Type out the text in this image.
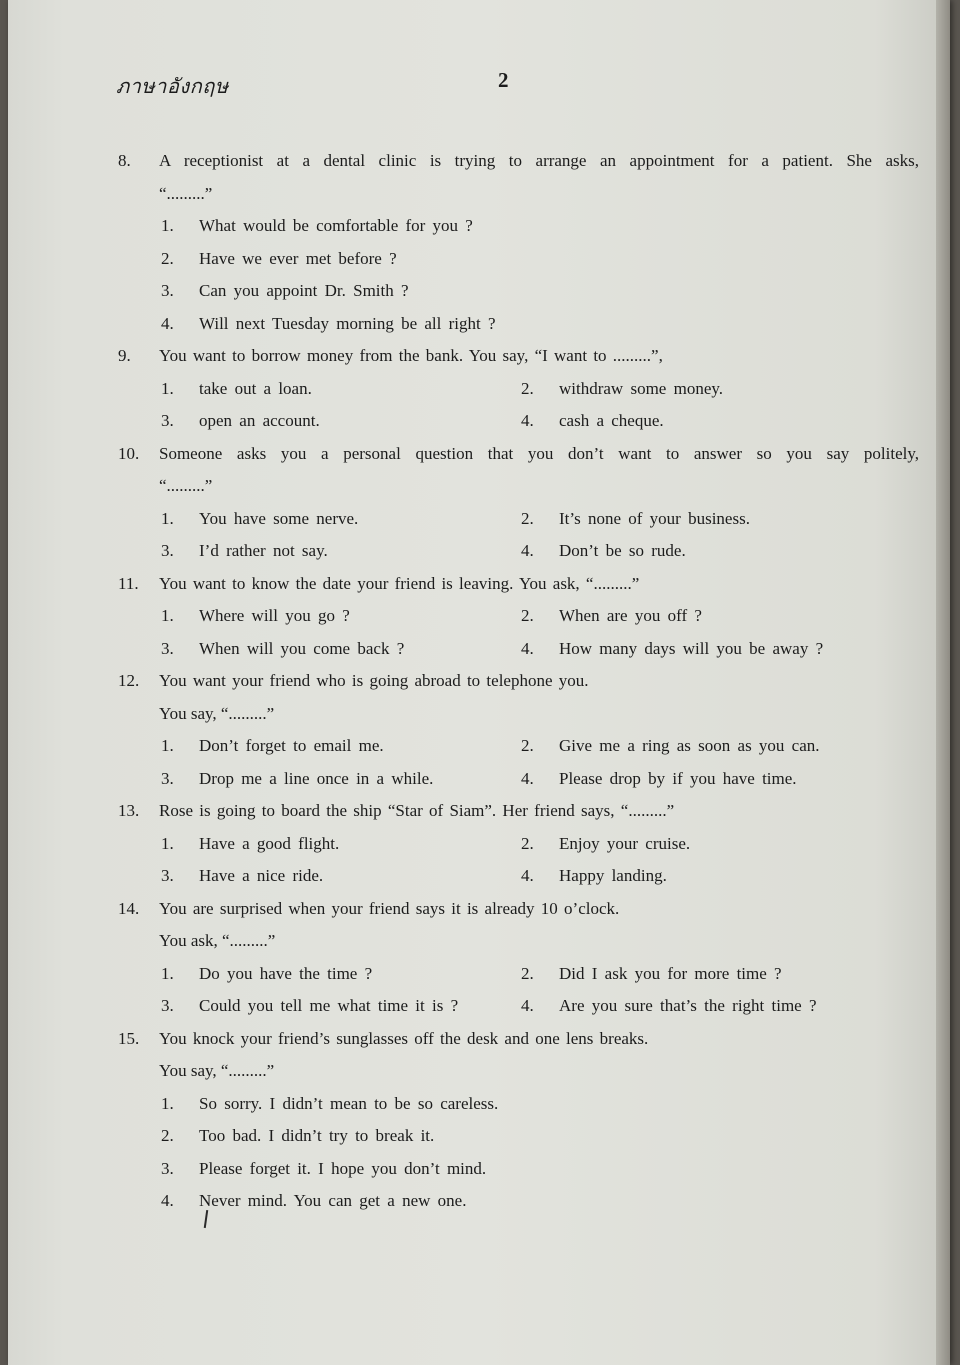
ภาษาอังกฤษ	2
8. A receptionist at a dental clinic is trying to arrange an appointment for a patient. She asks,
“.........”
1. What would be comfortable for you ?
2. Have we ever met before ?
3. Can you appoint Dr. Smith ?
4. Will next Tuesday morning be all right ?
9. You want to borrow money from the bank. You say, “I want to .........”,
1. take out a loan.	2. withdraw some money.
3. open an account.	4. cash a cheque.
10. Someone asks you a personal question that you don’t want to answer so you say politely,
“.........”
1. You have some nerve.	2. It’s none of your business.
3. I’d rather not say.	4. Don’t be so rude.
11. You want to know the date your friend is leaving. You ask, “.........”
1. Where will you go ?	2. When are you off ?
3. When will you come back ?	4. How many days will you be away ?
12. You want your friend who is going abroad to telephone you.
You say, “.........”
1. Don’t forget to email me.	2. Give me a ring as soon as you can.
3. Drop me a line once in a while.	4. Please drop by if you have time.
13. Rose is going to board the ship “Star of Siam”. Her friend says, “.........”
1. Have a good flight.	2. Enjoy your cruise.
3. Have a nice ride.	4. Happy landing.
14. You are surprised when your friend says it is already 10 o’clock.
You ask, “.........”
1. Do you have the time ?	2. Did I ask you for more time ?
3. Could you tell me what time it is ?	4. Are you sure that’s the right time ?
15. You knock your friend’s sunglasses off the desk and one lens breaks.
You say, “.........”
1. So sorry. I didn’t mean to be so careless.
2. Too bad. I didn’t try to break it.
3. Please forget it. I hope you don’t mind.
4. Never mind. You can get a new one.
